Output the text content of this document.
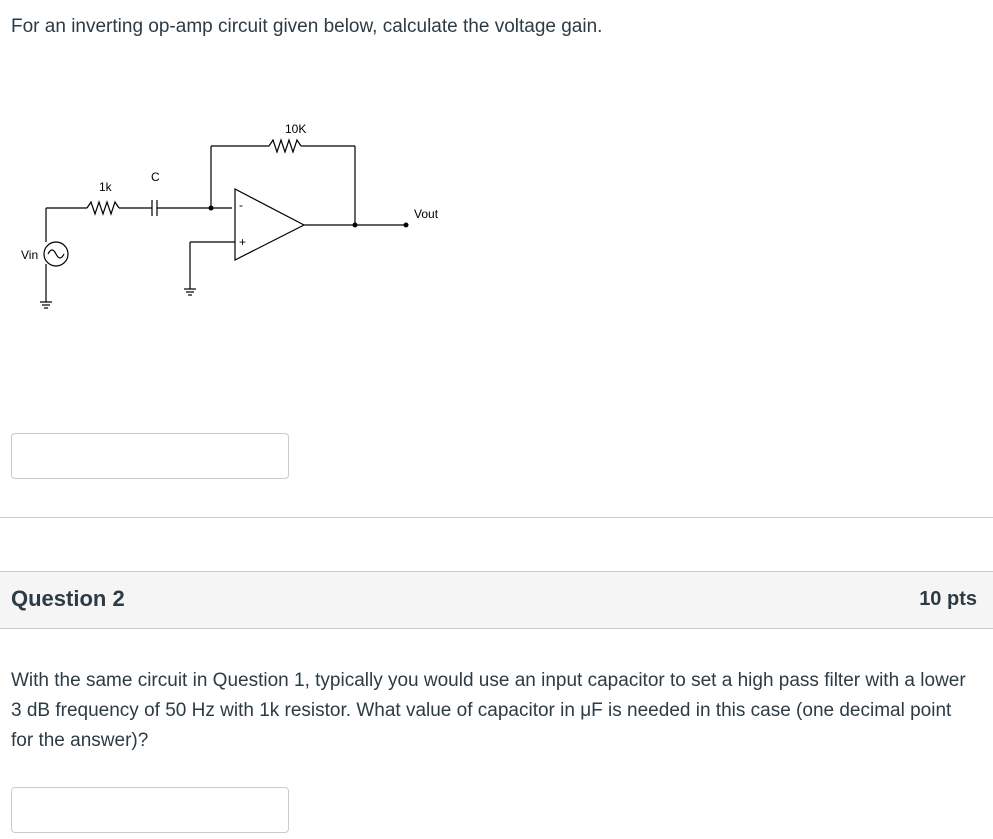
For an inverting op-amp circuit given below, calculate the voltage gain.
10K
1k
C
Vout
Vin
-
+
Question 2	10 pts
With the same circuit in Question 1, typically you would use an input capacitor to set a high pass filter with a lower 3 dB frequency of 50 Hz with 1k resistor. What value of capacitor in μF is needed in this case (one decimal point for the answer)?
